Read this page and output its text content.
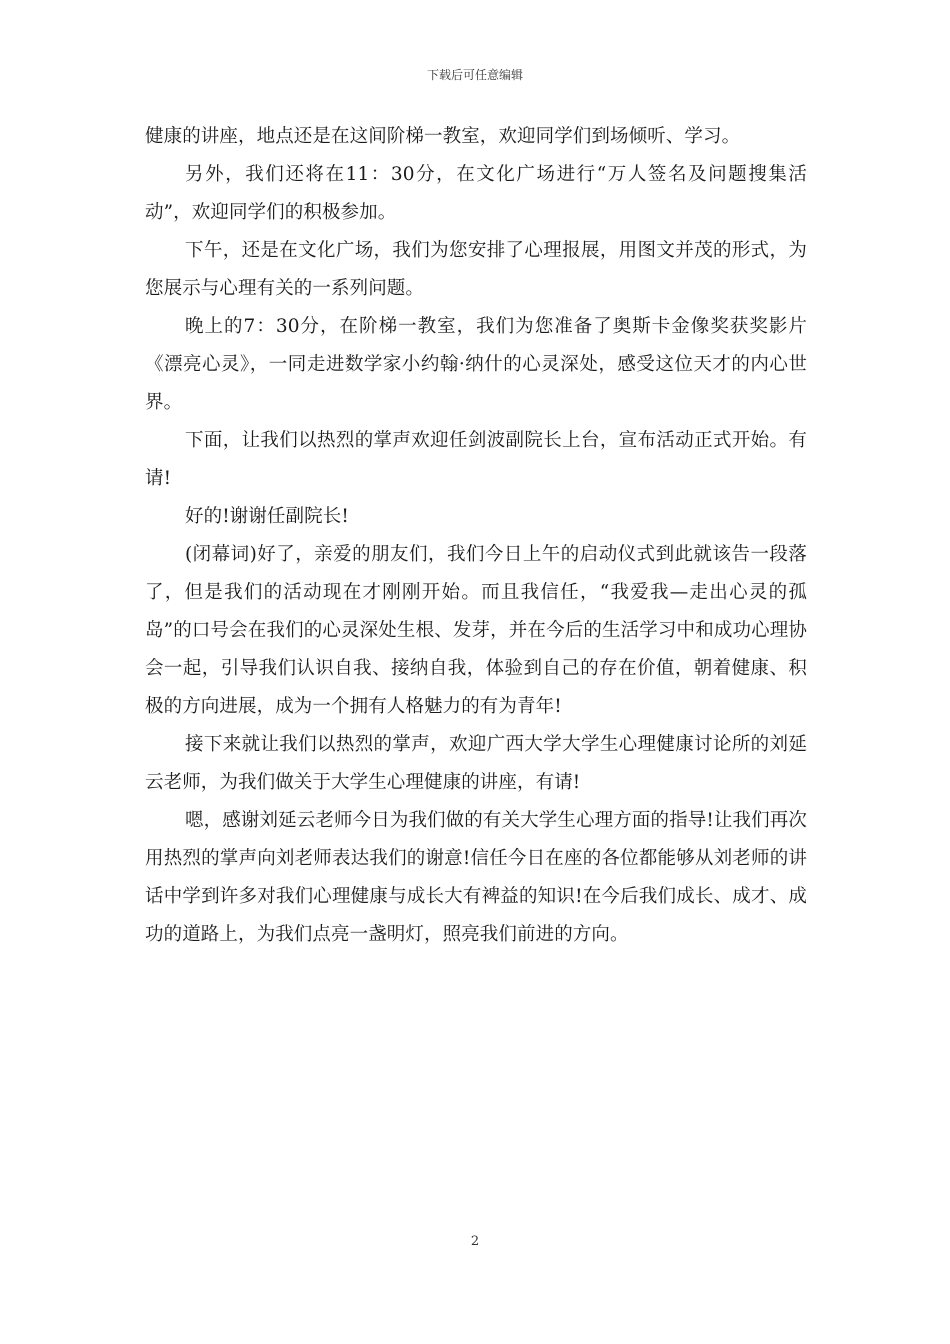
下载后可任意编辑

健康的讲座，地点还是在这间阶梯一教室，欢迎同学们到场倾听、学习。

另外，我们还将在11：30分，在文化广场进行“万人签名及问题搜集活动”，欢迎同学们的积极参加。

下午，还是在文化广场，我们为您安排了心理报展，用图文并茂的形式，为您展示与心理有关的一系列问题。

晚上的7：30分，在阶梯一教室，我们为您准备了奥斯卡金像奖获奖影片《漂亮心灵》，一同走进数学家小约翰·纳什的心灵深处，感受这位天才的内心世界。

下面，让我们以热烈的掌声欢迎任剑波副院长上台，宣布活动正式开始。有请!

好的!谢谢任副院长!

(闭幕词)好了，亲爱的朋友们，我们今日上午的启动仪式到此就该告一段落了，但是我们的活动现在才刚刚开始。而且我信任，“我爱我—走出心灵的孤岛”的口号会在我们的心灵深处生根、发芽，并在今后的生活学习中和成功心理协会一起，引导我们认识自我、接纳自我，体验到自己的存在价值，朝着健康、积极的方向进展，成为一个拥有人格魅力的有为青年!

接下来就让我们以热烈的掌声，欢迎广西大学大学生心理健康讨论所的刘延云老师，为我们做关于大学生心理健康的讲座，有请!

嗯，感谢刘延云老师今日为我们做的有关大学生心理方面的指导!让我们再次用热烈的掌声向刘老师表达我们的谢意!信任今日在座的各位都能够从刘老师的讲话中学到许多对我们心理健康与成长大有裨益的知识!在今后我们成长、成才、成功的道路上，为我们点亮一盏明灯，照亮我们前进的方向。

2
